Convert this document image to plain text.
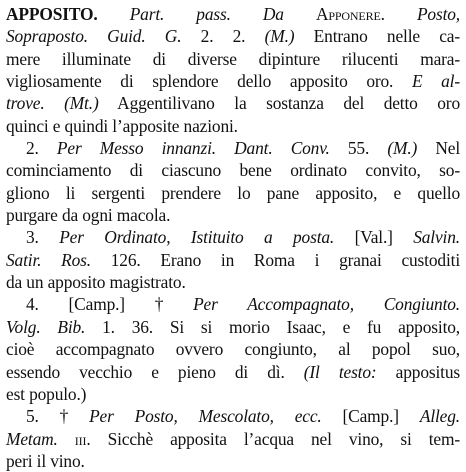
APPOSITO. Part. pass. Da Apponere. Posto,
Sopraposto. Guid. G. 2. 2. (M.) Entrano nelle ca-
mere illuminate di diverse dipinture rilucenti mara-
vigliosamente di splendore dello apposito oro. E al-
trove. (Mt.) Aggentilivano la sostanza del detto oro
quinci e quindi l’apposite nazioni.
2. Per Messo innanzi. Dant. Conv. 55. (M.) Nel
cominciamento di ciascuno bene ordinato convito, so-
gliono li sergenti prendere lo pane apposito, e quello
purgare da ogni macola.
3. Per Ordinato, Istituito a posta. [Val.] Salvin.
Satir. Ros. 126. Erano in Roma i granai custoditi
da un apposito magistrato.
4. [Camp.] † Per Accompagnato, Congiunto.
Volg. Bib. 1. 36. Si si morio Isaac, e fu apposito,
cioè accompagnato ovvero congiunto, al popol suo,
essendo vecchio e pieno di dì. (Il testo: appositus
est populo.)
5. † Per Posto, Mescolato, ecc. [Camp.] Alleg.
Metam. iii. Sicchè apposita l’acqua nel vino, si tem-
peri il vino.
